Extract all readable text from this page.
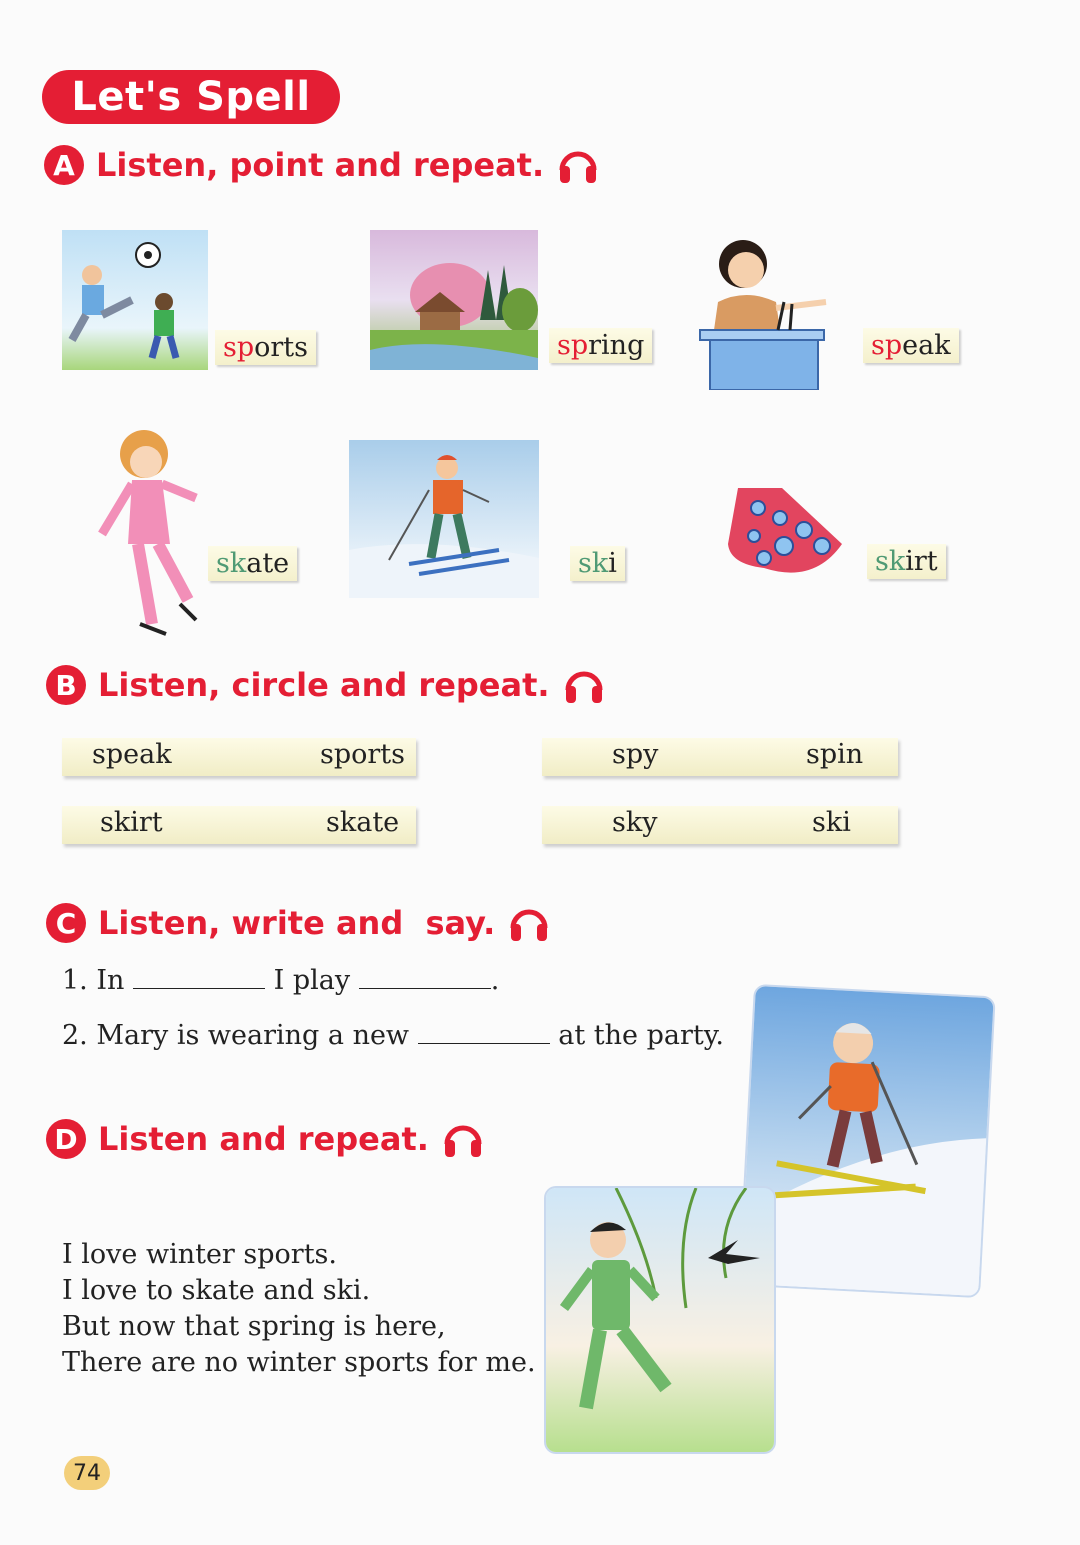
Let's Spell
A Listen, point and repeat.
sports	spring	speak
skate	ski	skirt
B Listen, circle and repeat.
speak	sports	spy	spin
skirt	skate	sky	ski
C Listen, write and  say.
1. In	I play	.
2. Mary is wearing a new	at the party.
D Listen and repeat.
I love winter sports.
I love to skate and ski.
But now that spring is here,
There are no winter sports for me.
74
